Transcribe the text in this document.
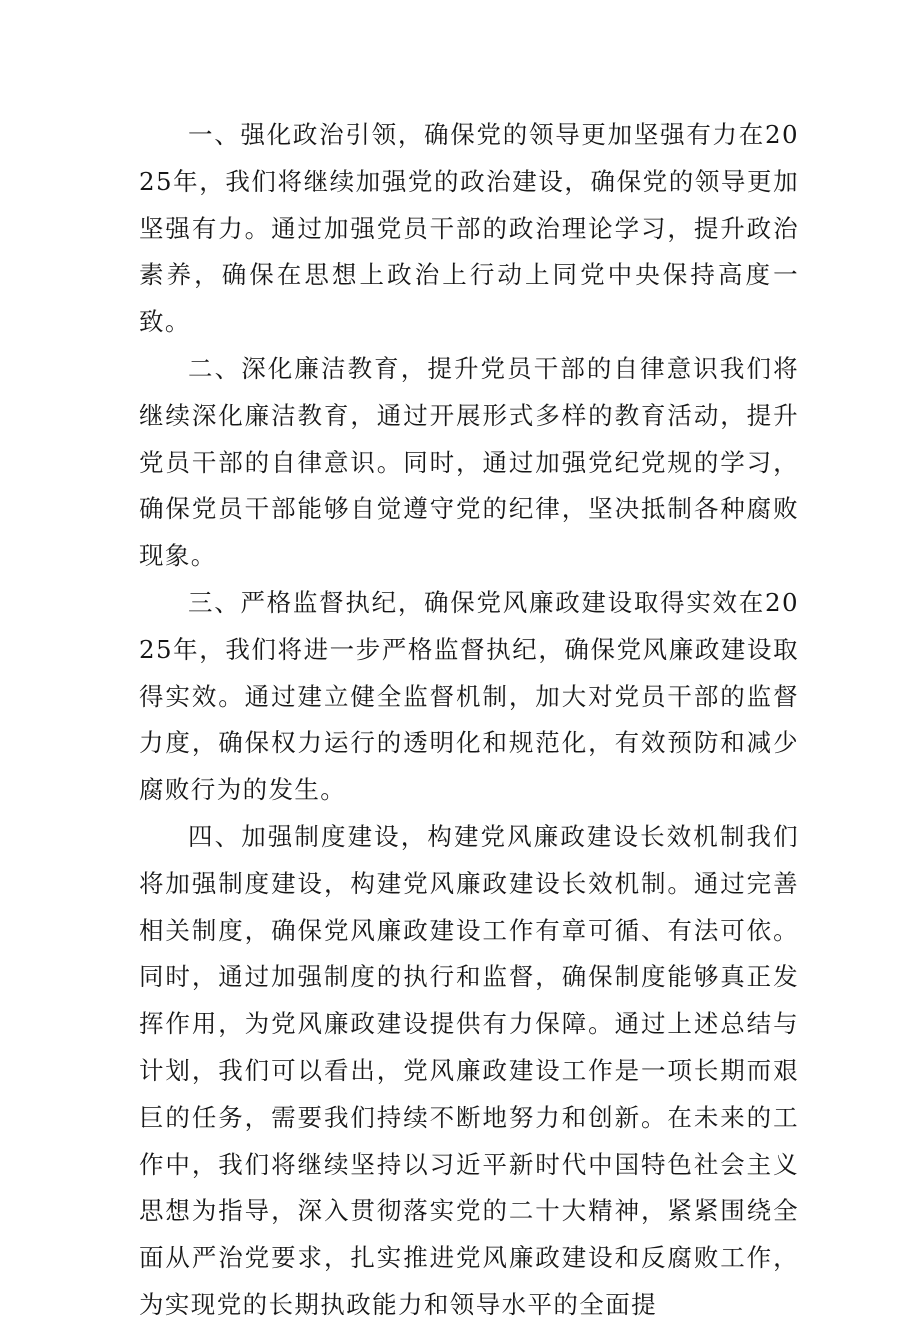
一、强化政治引领，确保党的领导更加坚强有力在2025年，我们将继续加强党的政治建设，确保党的领导更加坚强有力。通过加强党员干部的政治理论学习，提升政治素养，确保在思想上政治上行动上同党中央保持高度一致。

二、深化廉洁教育，提升党员干部的自律意识我们将继续深化廉洁教育，通过开展形式多样的教育活动，提升党员干部的自律意识。同时，通过加强党纪党规的学习，确保党员干部能够自觉遵守党的纪律，坚决抵制各种腐败现象。

三、严格监督执纪，确保党风廉政建设取得实效在2025年，我们将进一步严格监督执纪，确保党风廉政建设取得实效。通过建立健全监督机制，加大对党员干部的监督力度，确保权力运行的透明化和规范化，有效预防和减少腐败行为的发生。

四、加强制度建设，构建党风廉政建设长效机制我们将加强制度建设，构建党风廉政建设长效机制。通过完善相关制度，确保党风廉政建设工作有章可循、有法可依。同时，通过加强制度的执行和监督，确保制度能够真正发挥作用，为党风廉政建设提供有力保障。通过上述总结与计划，我们可以看出，党风廉政建设工作是一项长期而艰巨的任务，需要我们持续不断地努力和创新。在未来的工作中，我们将继续坚持以习近平新时代中国特色社会主义思想为指导，深入贯彻落实党的二十大精神，紧紧围绕全面从严治党要求，扎实推进党风廉政建设和反腐败工作，为实现党的长期执政能力和领导水平的全面提
